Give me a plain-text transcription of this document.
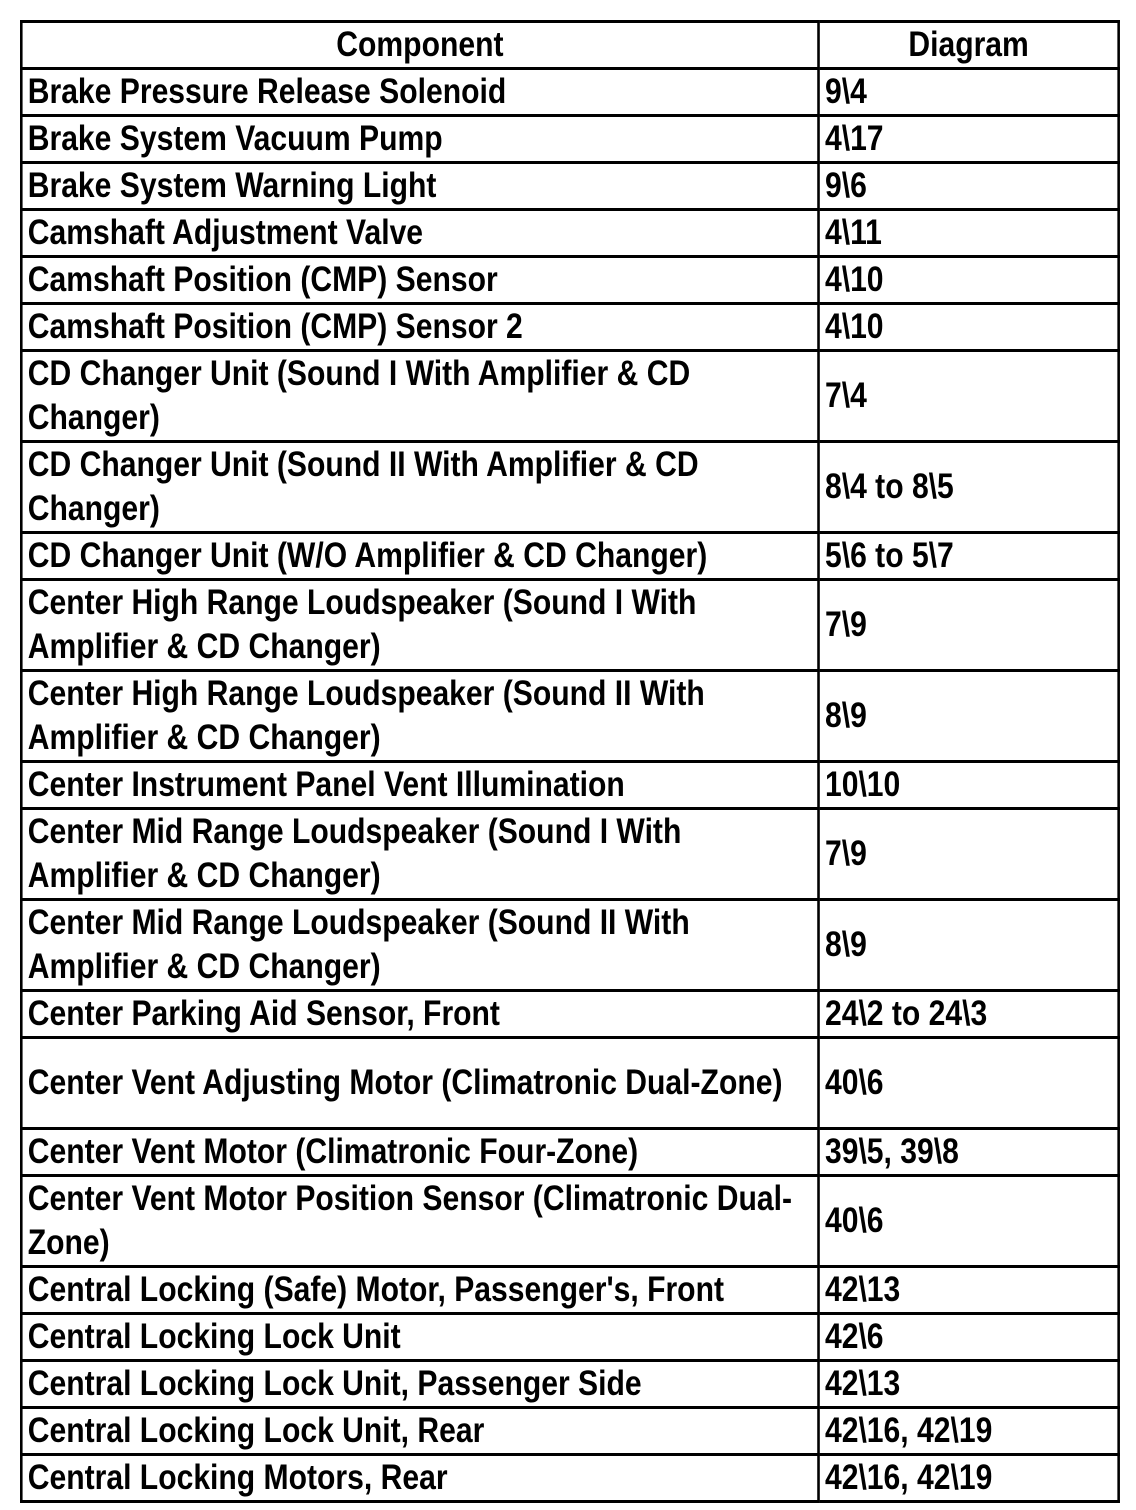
Component	Diagram
Brake Pressure Release Solenoid	9\4
Brake System Vacuum Pump	4\17
Brake System Warning Light	9\6
Camshaft Adjustment Valve	4\11
Camshaft Position (CMP) Sensor	4\10
Camshaft Position (CMP) Sensor 2	4\10
CD Changer Unit (Sound I With Amplifier & CD Changer)	7\4
CD Changer Unit (Sound II With Amplifier & CD Changer)	8\4 to 8\5
CD Changer Unit (W/O Amplifier & CD Changer)	5\6 to 5\7
Center High Range Loudspeaker (Sound I With Amplifier & CD Changer)	7\9
Center High Range Loudspeaker (Sound II With Amplifier & CD Changer)	8\9
Center Instrument Panel Vent Illumination	10\10
Center Mid Range Loudspeaker (Sound I With Amplifier & CD Changer)	7\9
Center Mid Range Loudspeaker (Sound II With Amplifier & CD Changer)	8\9
Center Parking Aid Sensor, Front	24\2 to 24\3
Center Vent Adjusting Motor (Climatronic Dual-Zone)	40\6
Center Vent Motor (Climatronic Four-Zone)	39\5, 39\8
Center Vent Motor Position Sensor (Climatronic Dual-Zone)	40\6
Central Locking (Safe) Motor, Passenger's, Front	42\13
Central Locking Lock Unit	42\6
Central Locking Lock Unit, Passenger Side	42\13
Central Locking Lock Unit, Rear	42\16, 42\19
Central Locking Motors, Rear	42\16, 42\19
